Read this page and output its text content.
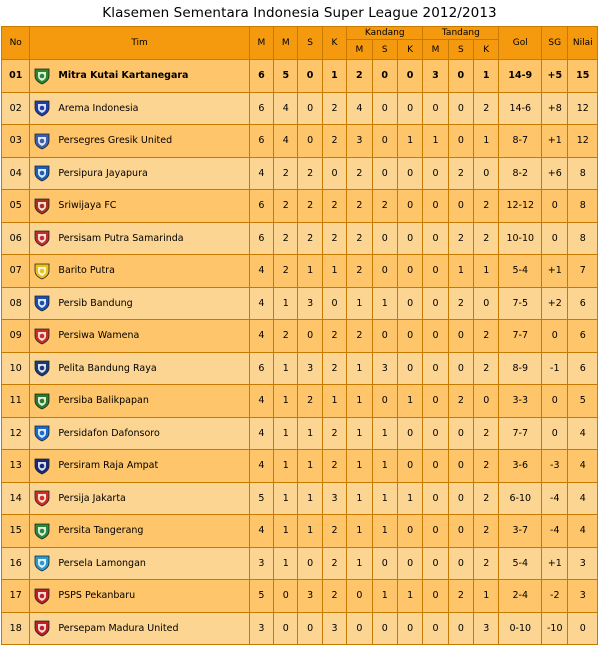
Klasemen Sementara Indonesia Super League 2012/2013
No	Tim	M	M	S	K	Kandang			Tandang			Gol	SG	Nilai
						M	S	K	M	S	K			
01	Mitra Kutai Kartanegara	6	5	0	1	2	0	0	3	0	1	14-9	+5	15
02	Arema Indonesia	6	4	0	2	4	0	0	0	0	2	14-6	+8	12
03	Persegres Gresik United	6	4	0	2	3	0	1	1	0	1	8-7	+1	12
04	Persipura Jayapura	4	2	2	0	2	0	0	0	2	0	8-2	+6	8
05	Sriwijaya FC	6	2	2	2	2	2	0	0	0	2	12-12	0	8
06	Persisam Putra Samarinda	6	2	2	2	2	0	0	0	2	2	10-10	0	8
07	Barito Putra	4	2	1	1	2	0	0	0	1	1	5-4	+1	7
08	Persib Bandung	4	1	3	0	1	1	0	0	2	0	7-5	+2	6
09	Persiwa Wamena	4	2	0	2	2	0	0	0	0	2	7-7	0	6
10	Pelita Bandung Raya	6	1	3	2	1	3	0	0	0	2	8-9	-1	6
11	Persiba Balikpapan	4	1	2	1	1	0	1	0	2	0	3-3	0	5
12	Persidafon Dafonsoro	4	1	1	2	1	1	0	0	0	2	7-7	0	4
13	Persiram Raja Ampat	4	1	1	2	1	1	0	0	0	2	3-6	-3	4
14	Persija Jakarta	5	1	1	3	1	1	1	0	0	2	6-10	-4	4
15	Persita Tangerang	4	1	1	2	1	1	0	0	0	2	3-7	-4	4
16	Persela Lamongan	3	1	0	2	1	0	0	0	0	2	5-4	+1	3
17	PSPS Pekanbaru	5	0	3	2	0	1	1	0	2	1	2-4	-2	3
18	Persepam Madura United	3	0	0	3	0	0	0	0	0	3	0-10	-10	0
